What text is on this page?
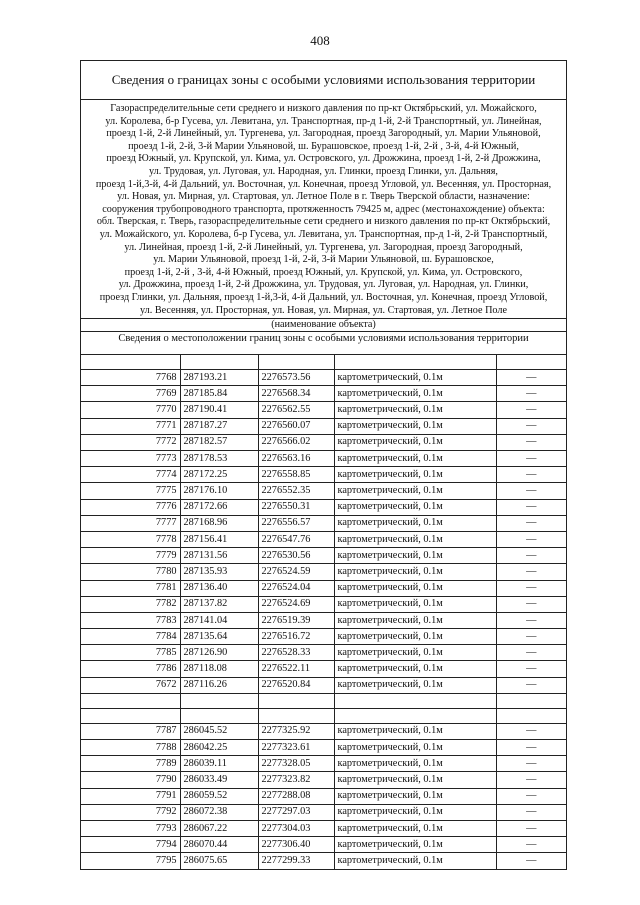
408
Сведения о границах зоны с особыми условиями использования территории
Газораспределительные сети среднего и низкого давления по пр-кт Октябрьский, ул. Можайского,
ул. Королева, б-р Гусева, ул. Левитана, ул. Транспортная, пр-д 1-й, 2-й Транспортный, ул. Линейная,
проезд 1-й, 2-й Линейный, ул. Тургенева, ул. Загородная, проезд Загородный, ул. Марии Ульяновой,
проезд 1-й, 2-й, 3-й Марии Ульяновой, ш. Бурашовское, проезд 1-й, 2-й , 3-й, 4-й Южный,
проезд Южный, ул. Крупской, ул. Кима, ул. Островского, ул. Дрожжина, проезд 1-й, 2-й Дрожжина,
ул. Трудовая, ул. Луговая, ул. Народная, ул. Глинки, проезд Глинки, ул. Дальняя,
проезд 1-й,3-й, 4-й Дальний, ул. Восточная, ул. Конечная, проезд Угловой, ул. Весенняя, ул. Просторная,
ул. Новая, ул. Мирная, ул. Стартовая, ул. Летное Поле в г. Тверь Тверской области, назначение:
сооружения трубопроводного транспорта, протяженность 79425 м, адрес (местонахождение) объекта:
обл. Тверская, г. Тверь, газораспределительные сети среднего и низкого давления по пр-кт Октябрьский,
ул. Можайского, ул. Королева, б-р Гусева, ул. Левитана, ул. Транспортная, пр-д 1-й, 2-й Транспортный,
ул. Линейная, проезд 1-й, 2-й Линейный, ул. Тургенева, ул. Загородная, проезд Загородный,
ул. Марии Ульяновой, проезд 1-й, 2-й, 3-й Марии Ульяновой, ш. Бурашовское,
проезд 1-й, 2-й , 3-й, 4-й Южный, проезд Южный, ул. Крупской, ул. Кима, ул. Островского,
ул. Дрожжина, проезд 1-й, 2-й Дрожжина, ул. Трудовая, ул. Луговая, ул. Народная, ул. Глинки,
проезд Глинки, ул. Дальняя, проезд 1-й,3-й, 4-й Дальний, ул. Восточная, ул. Конечная, проезд Угловой,
ул. Весенняя, ул. Просторная, ул. Новая, ул. Мирная, ул. Стартовая, ул. Летное Поле
(наименование объекта)
Сведения о местоположении границ зоны с особыми условиями использования территории

7768	287193.21	2276573.56	картометрический, 0.1м	—
7769	287185.84	2276568.34	картометрический, 0.1м	—
7770	287190.41	2276562.55	картометрический, 0.1м	—
7771	287187.27	2276560.07	картометрический, 0.1м	—
7772	287182.57	2276566.02	картометрический, 0.1м	—
7773	287178.53	2276563.16	картометрический, 0.1м	—
7774	287172.25	2276558.85	картометрический, 0.1м	—
7775	287176.10	2276552.35	картометрический, 0.1м	—
7776	287172.66	2276550.31	картометрический, 0.1м	—
7777	287168.96	2276556.57	картометрический, 0.1м	—
7778	287156.41	2276547.76	картометрический, 0.1м	—
7779	287131.56	2276530.56	картометрический, 0.1м	—
7780	287135.93	2276524.59	картометрический, 0.1м	—
7781	287136.40	2276524.04	картометрический, 0.1м	—
7782	287137.82	2276524.69	картометрический, 0.1м	—
7783	287141.04	2276519.39	картометрический, 0.1м	—
7784	287135.64	2276516.72	картометрический, 0.1м	—
7785	287126.90	2276528.33	картометрический, 0.1м	—
7786	287118.08	2276522.11	картометрический, 0.1м	—
7672	287116.26	2276520.84	картометрический, 0.1м	—

7787	286045.52	2277325.92	картометрический, 0.1м	—
7788	286042.25	2277323.61	картометрический, 0.1м	—
7789	286039.11	2277328.05	картометрический, 0.1м	—
7790	286033.49	2277323.82	картометрический, 0.1м	—
7791	286059.52	2277288.08	картометрический, 0.1м	—
7792	286072.38	2277297.03	картометрический, 0.1м	—
7793	286067.22	2277304.03	картометрический, 0.1м	—
7794	286070.44	2277306.40	картометрический, 0.1м	—
7795	286075.65	2277299.33	картометрический, 0.1м	—
